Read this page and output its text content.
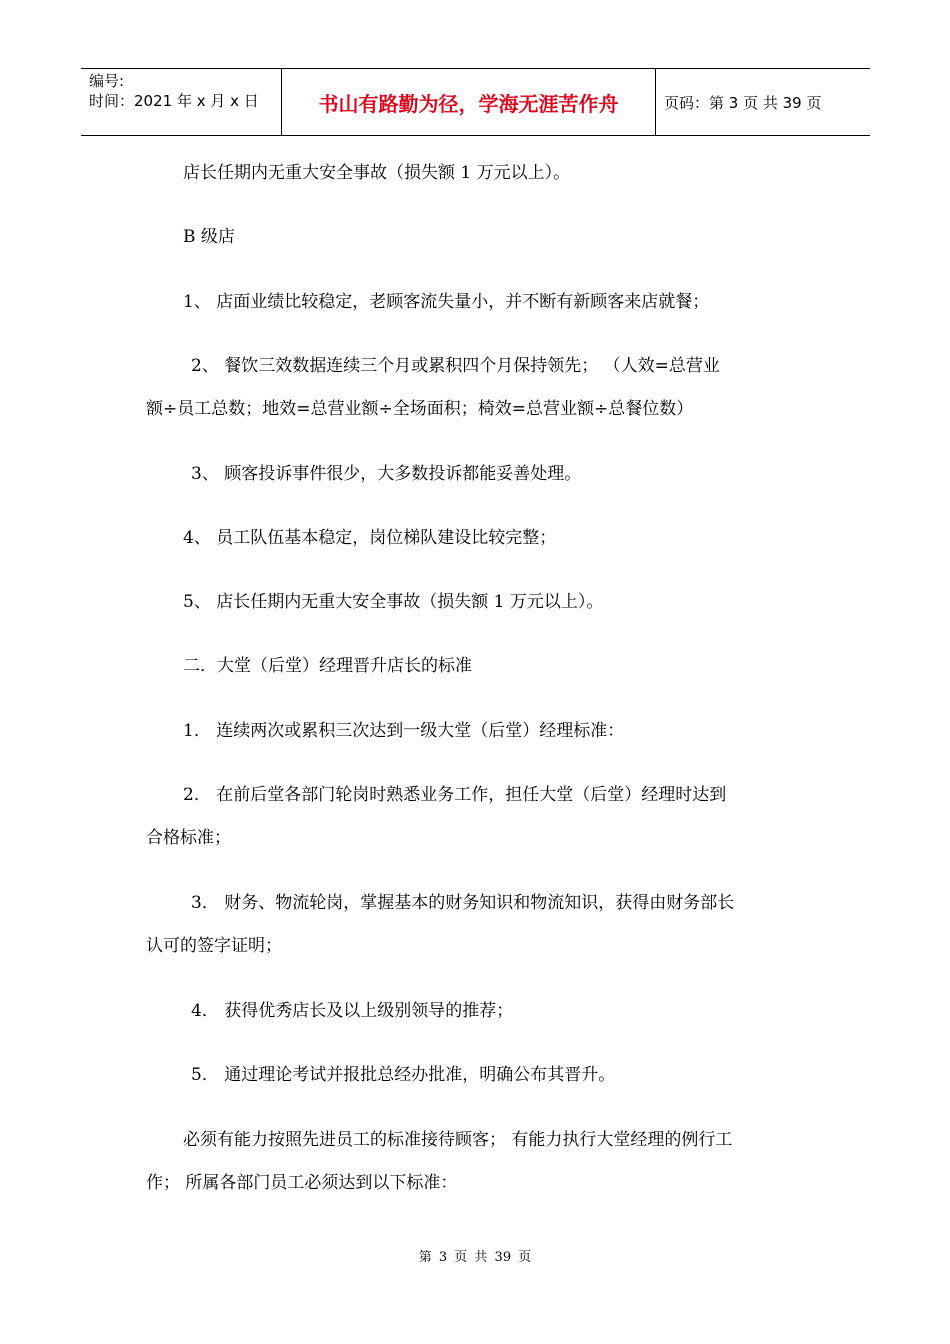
编号:
时间：2021 年 x 月 x 日	书山有路勤为径，学海无涯苦作舟	页码：第 3 页 共 39 页
店长任期内无重大安全事故（损失额 1 万元以上）。
B 级店
1、 店面业绩比较稳定，老顾客流失量小，并不断有新顾客来店就餐；
2、 餐饮三效数据连续三个月或累积四个月保持领先； （人效=总营业
额÷员工总数；地效=总营业额÷全场面积；椅效=总营业额÷总餐位数）
3、 顾客投诉事件很少，大多数投诉都能妥善处理。
4、 员工队伍基本稳定，岗位梯队建设比较完整；
5、 店长任期内无重大安全事故（损失额 1 万元以上）。
二．大堂（后堂）经理晋升店长的标准
1． 连续两次或累积三次达到一级大堂（后堂）经理标准：
2． 在前后堂各部门轮岗时熟悉业务工作，担任大堂（后堂）经理时达到
合格标准；
3． 财务、物流轮岗，掌握基本的财务知识和物流知识，获得由财务部长
认可的签字证明；
4． 获得优秀店长及以上级别领导的推荐；
5． 通过理论考试并报批总经办批准，明确公布其晋升。
必须有能力按照先进员工的标准接待顾客； 有能力执行大堂经理的例行工
作； 所属各部门员工必须达到以下标准：
第 3 页 共 39 页
